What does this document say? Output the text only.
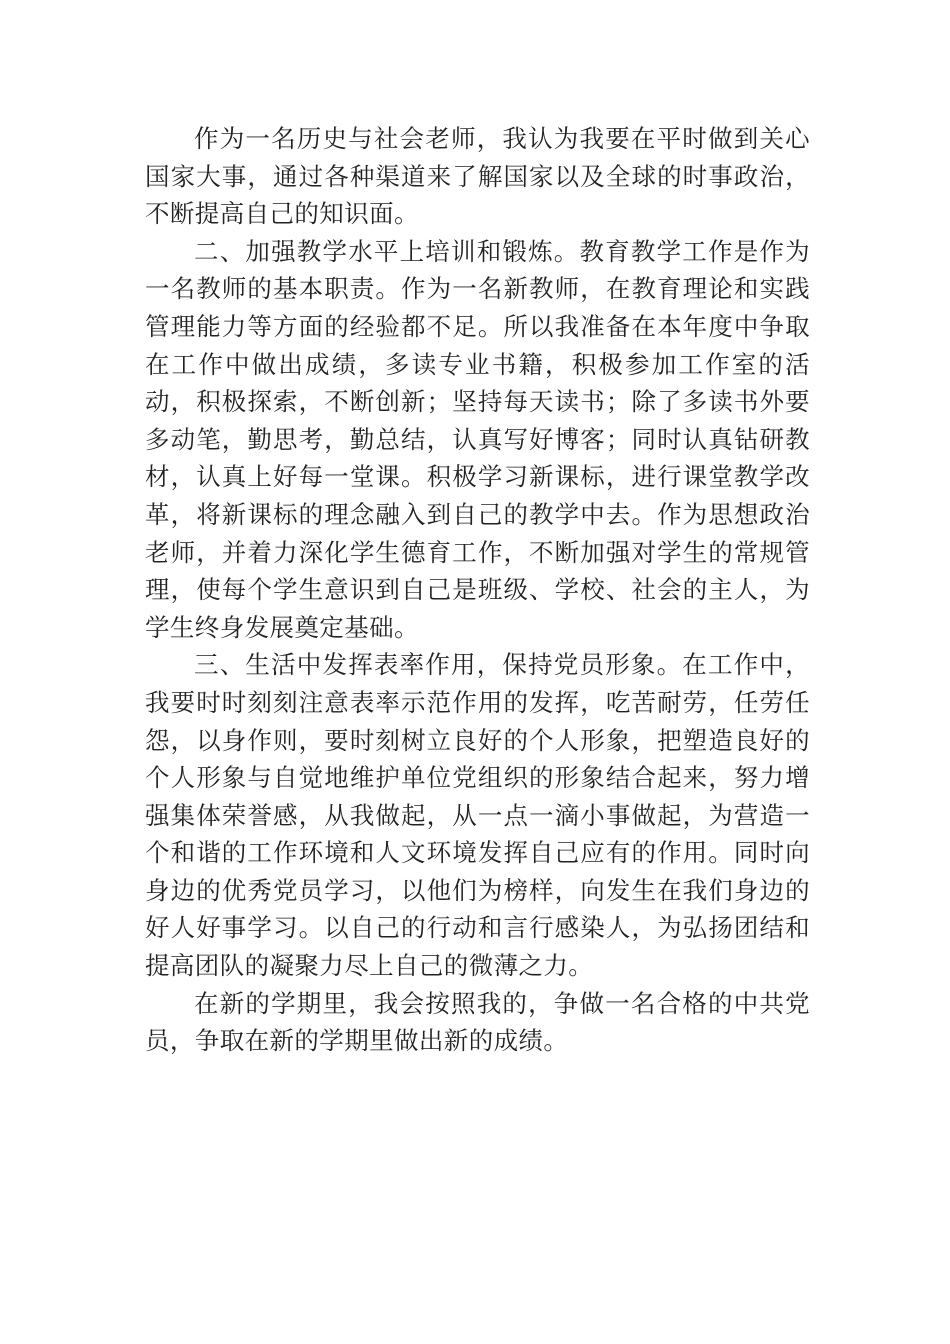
作为一名历史与社会老师，我认为我要在平时做到关心国家大事，通过各种渠道来了解国家以及全球的时事政治，不断提高自己的知识面。

二、加强教学水平上培训和锻炼。教育教学工作是作为一名教师的基本职责。作为一名新教师，在教育理论和实践管理能力等方面的经验都不足。所以我准备在本年度中争取在工作中做出成绩，多读专业书籍，积极参加工作室的活动，积极探索，不断创新；坚持每天读书；除了多读书外要多动笔，勤思考，勤总结，认真写好博客；同时认真钻研教材，认真上好每一堂课。积极学习新课标，进行课堂教学改革，将新课标的理念融入到自己的教学中去。作为思想政治老师，并着力深化学生德育工作，不断加强对学生的常规管理，使每个学生意识到自己是班级、学校、社会的主人，为学生终身发展奠定基础。

三、生活中发挥表率作用，保持党员形象。在工作中，我要时时刻刻注意表率示范作用的发挥，吃苦耐劳，任劳任怨，以身作则，要时刻树立良好的个人形象，把塑造良好的个人形象与自觉地维护单位党组织的形象结合起来，努力增强集体荣誉感，从我做起，从一点一滴小事做起，为营造一个和谐的工作环境和人文环境发挥自己应有的作用。同时向身边的优秀党员学习，以他们为榜样，向发生在我们身边的好人好事学习。以自己的行动和言行感染人，为弘扬团结和提高团队的凝聚力尽上自己的微薄之力。

在新的学期里，我会按照我的，争做一名合格的中共党员，争取在新的学期里做出新的成绩。
